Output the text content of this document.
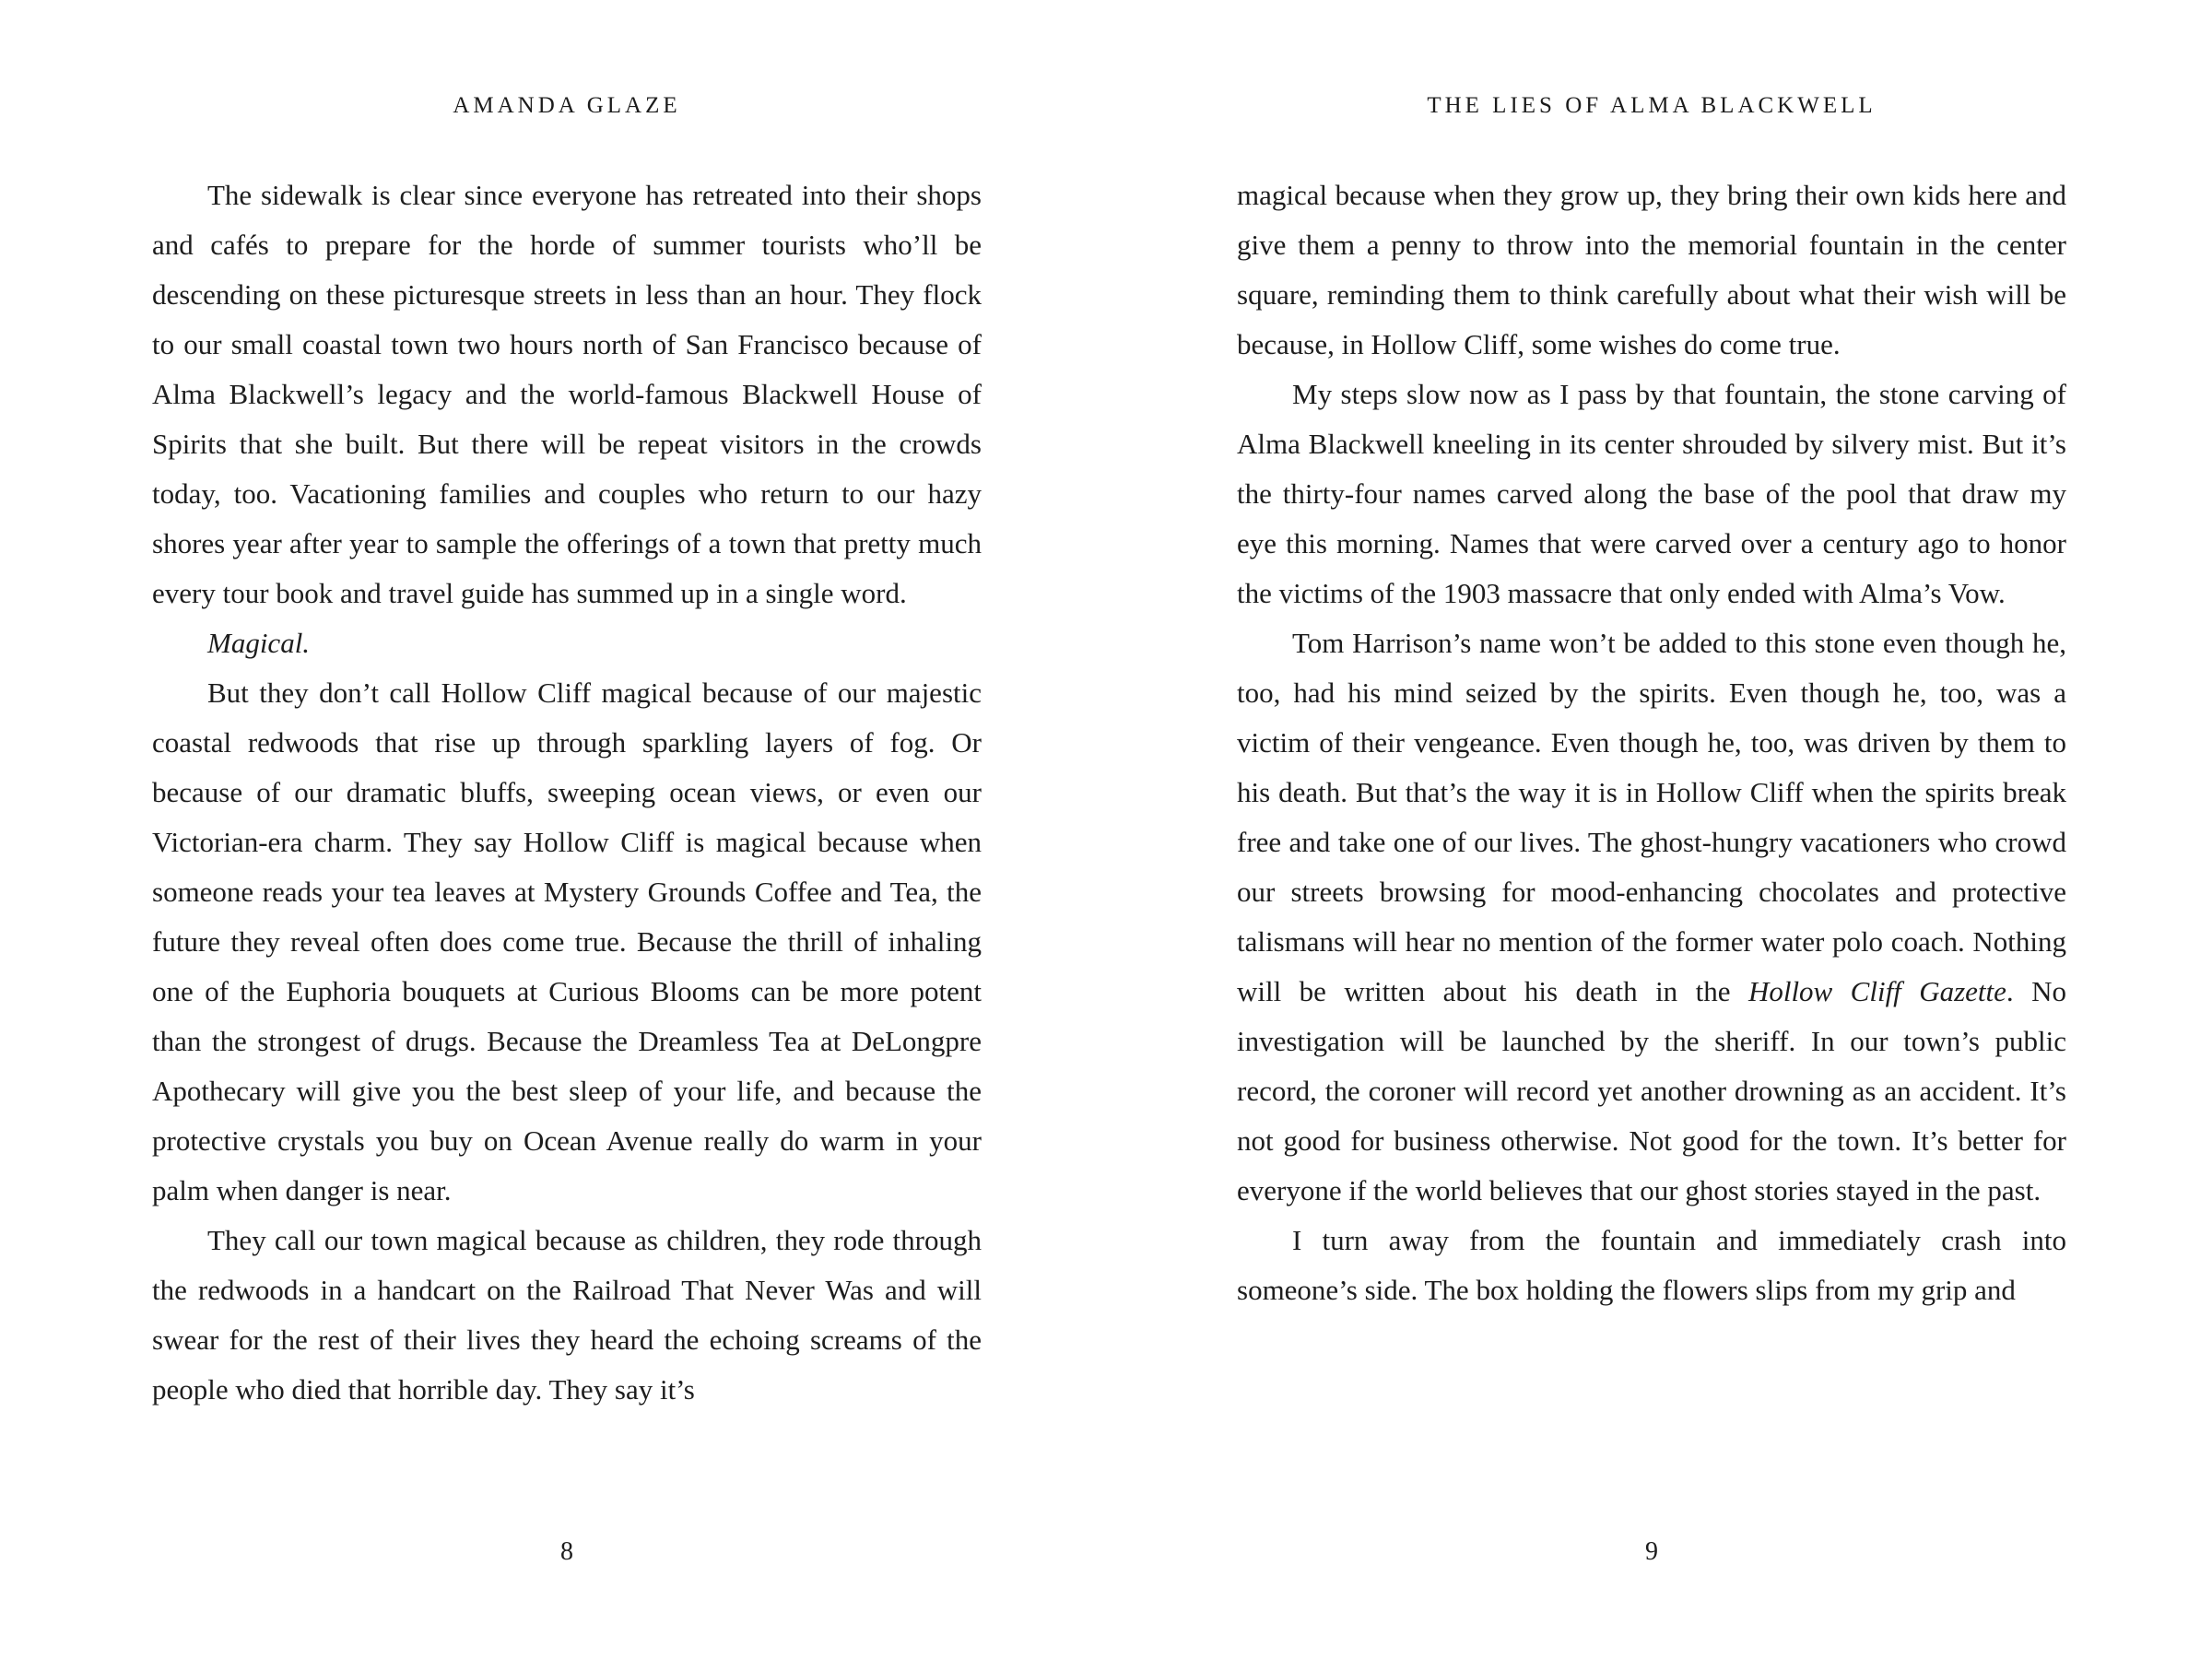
AMANDA GLAZE

The sidewalk is clear since everyone has retreated into their shops and cafés to prepare for the horde of summer tourists who’ll be descending on these picturesque streets in less than an hour. They flock to our small coastal town two hours north of San Francisco because of Alma Blackwell’s legacy and the world-famous Blackwell House of Spirits that she built. But there will be repeat visitors in the crowds today, too. Vacationing families and couples who return to our hazy shores year after year to sample the offerings of a town that pretty much every tour book and travel guide has summed up in a single word.

Magical.

But they don’t call Hollow Cliff magical because of our majestic coastal redwoods that rise up through sparkling layers of fog. Or because of our dramatic bluffs, sweeping ocean views, or even our Victorian-era charm. They say Hollow Cliff is magical because when someone reads your tea leaves at Mystery Grounds Coffee and Tea, the future they reveal often does come true. Because the thrill of inhaling one of the Euphoria bouquets at Curious Blooms can be more potent than the strongest of drugs. Because the Dreamless Tea at DeLongpre Apothecary will give you the best sleep of your life, and because the protective crystals you buy on Ocean Avenue really do warm in your palm when danger is near.

They call our town magical because as children, they rode through the redwoods in a handcart on the Railroad That Never Was and will swear for the rest of their lives they heard the echoing screams of the people who died that horrible day. They say it’s

8
THE LIES OF ALMA BLACKWELL

magical because when they grow up, they bring their own kids here and give them a penny to throw into the memorial fountain in the center square, reminding them to think carefully about what their wish will be because, in Hollow Cliff, some wishes do come true.

My steps slow now as I pass by that fountain, the stone carving of Alma Blackwell kneeling in its center shrouded by silvery mist. But it’s the thirty-four names carved along the base of the pool that draw my eye this morning. Names that were carved over a century ago to honor the victims of the 1903 massacre that only ended with Alma’s Vow.

Tom Harrison’s name won’t be added to this stone even though he, too, had his mind seized by the spirits. Even though he, too, was a victim of their vengeance. Even though he, too, was driven by them to his death. But that’s the way it is in Hollow Cliff when the spirits break free and take one of our lives. The ghost-hungry vacationers who crowd our streets browsing for mood-enhancing chocolates and protective talismans will hear no mention of the former water polo coach. Nothing will be written about his death in the Hollow Cliff Gazette. No investigation will be launched by the sheriff. In our town’s public record, the coroner will record yet another drowning as an accident. It’s not good for business otherwise. Not good for the town. It’s better for everyone if the world believes that our ghost stories stayed in the past.

I turn away from the fountain and immediately crash into someone’s side. The box holding the flowers slips from my grip and

9
